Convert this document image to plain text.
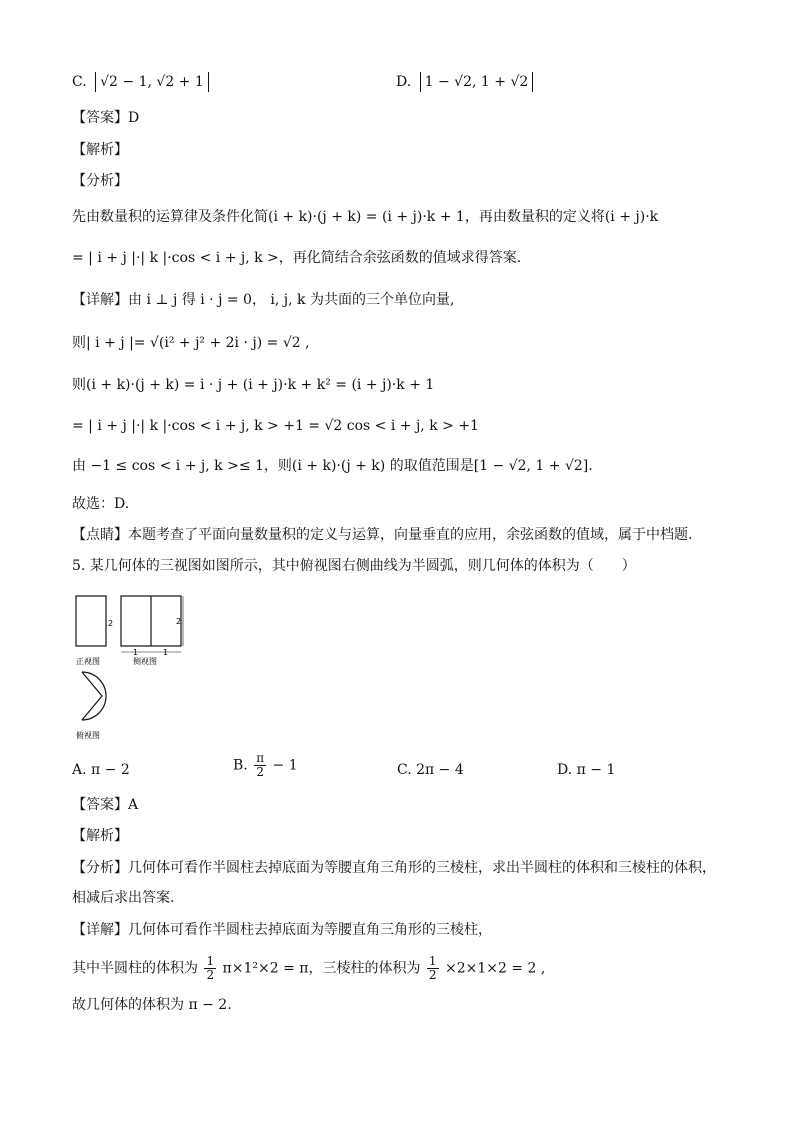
C. √2 − 1, √2 + 1	D. 1 − √2, 1 + √2
【答案】D
【解析】
【分析】
先由数量积的运算律及条件化简(i + k)·(j + k) = (i + j)·k + 1，再由数量积的定义将(i + j)·k
= | i + j |·| k |·cos < i + j, k >，再化简结合余弦函数的值域求得答案.
【详解】由 i ⊥ j 得 i · j = 0， i, j, k 为共面的三个单位向量,
则| i + j |= √(i² + j² + 2i · j) = √2 ,
则(i + k)·(j + k) = i · j + (i + j)·k + k² = (i + j)·k + 1
= | i + j |·| k |·cos < i + j, k > +1 = √2 cos < i + j, k > +1
由 −1 ≤ cos < i + j, k >≤ 1，则(i + k)·(j + k) 的取值范围是[1 − √2, 1 + √2].
故选：D.
【点睛】本题考查了平面向量数量积的定义与运算，向量垂直的应用，余弦函数的值域，属于中档题.
5. 某几何体的三视图如图所示，其中俯视图右侧曲线为半圆弧，则几何体的体积为（　　）
2
正视图
2
1	1
侧视图
俯视图
A. π − 2	B. $\frac{\pi}{2} - 1$	C. 2π − 4	D. π − 1
【答案】A
【解析】
【分析】几何体可看作半圆柱去掉底面为等腰直角三角形的三棱柱，求出半圆柱的体积和三棱柱的体积，
相减后求出答案.
【详解】几何体可看作半圆柱去掉底面为等腰直角三角形的三棱柱，
其中半圆柱的体积为 $\frac{1}{2} \pi\times 1^2\times 2 = \pi$，三棱柱的体积为 $\frac{1}{2} \times 2\times 1\times 2 = 2$ ,
故几何体的体积为 π − 2.
